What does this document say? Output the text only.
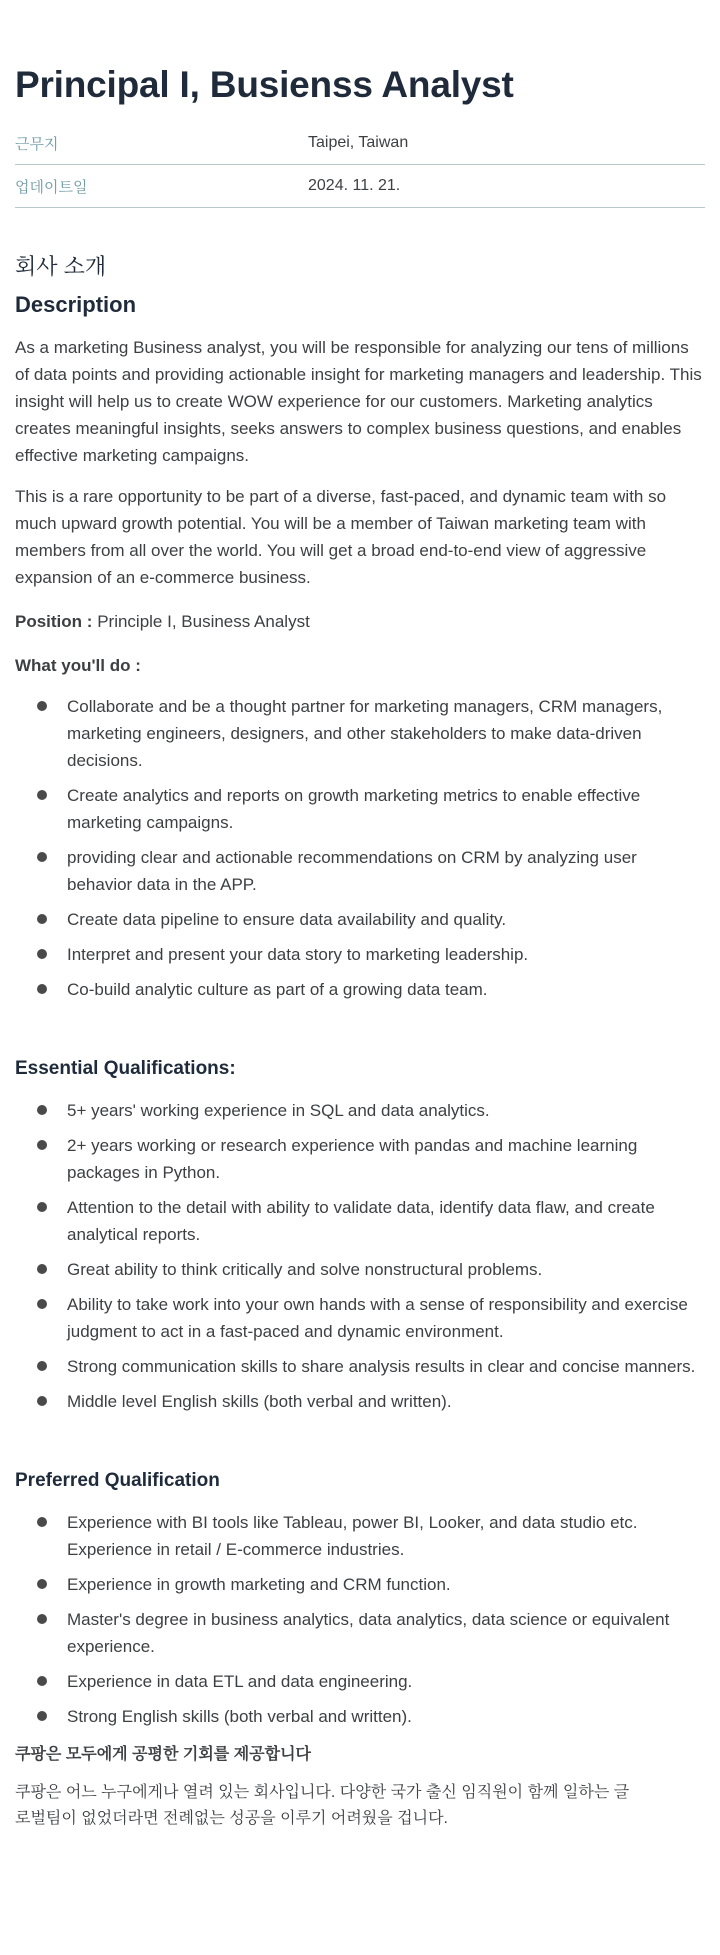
Principal I, Busienss Analyst
근무지	Taipei, Taiwan
업데이트일	2024. 11. 21.
회사 소개
Description

As a marketing Business analyst, you will be responsible for analyzing our tens of millions of data points and providing actionable insight for marketing managers and leadership. This insight will help us to create WOW experience for our customers. Marketing analytics creates meaningful insights, seeks answers to complex business questions, and enables effective marketing campaigns.

This is a rare opportunity to be part of a diverse, fast-paced, and dynamic team with so much upward growth potential. You will be a member of Taiwan marketing team with members from all over the world. You will get a broad end-to-end view of aggressive expansion of an e-commerce business.

Position : Principle I, Business Analyst

What you'll do :

Collaborate and be a thought partner for marketing managers, CRM managers, marketing engineers, designers, and other stakeholders to make data-driven decisions.
Create analytics and reports on growth marketing metrics to enable effective marketing campaigns.
providing clear and actionable recommendations on CRM by analyzing user behavior data in the APP.
Create data pipeline to ensure data availability and quality.
Interpret and present your data story to marketing leadership.
Co-build analytic culture as part of a growing data team.
Essential Qualifications:
5+ years' working experience in SQL and data analytics.
2+ years working or research experience with pandas and machine learning packages in Python.
Attention to the detail with ability to validate data, identify data flaw, and create analytical reports.
Great ability to think critically and solve nonstructural problems.
Ability to take work into your own hands with a sense of responsibility and exercise judgment to act in a fast-paced and dynamic environment.
Strong communication skills to share analysis results in clear and concise manners.
Middle level English skills (both verbal and written).
Preferred Qualification
Experience with BI tools like Tableau, power BI, Looker, and data studio etc. Experience in retail / E-commerce industries.
Experience in growth marketing and CRM function.
Master's degree in business analytics, data analytics, data science or equivalent experience.
Experience in data ETL and data engineering.
Strong English skills (both verbal and written).

쿠팡은 모두에게 공평한 기회를 제공합니다

쿠팡은 어느 누구에게나 열려 있는 회사입니다. 다양한 국가 출신 임직원이 함께 일하는 글로벌팀이 없었더라면 전례없는 성공을 이루기 어려웠을 겁니다.
